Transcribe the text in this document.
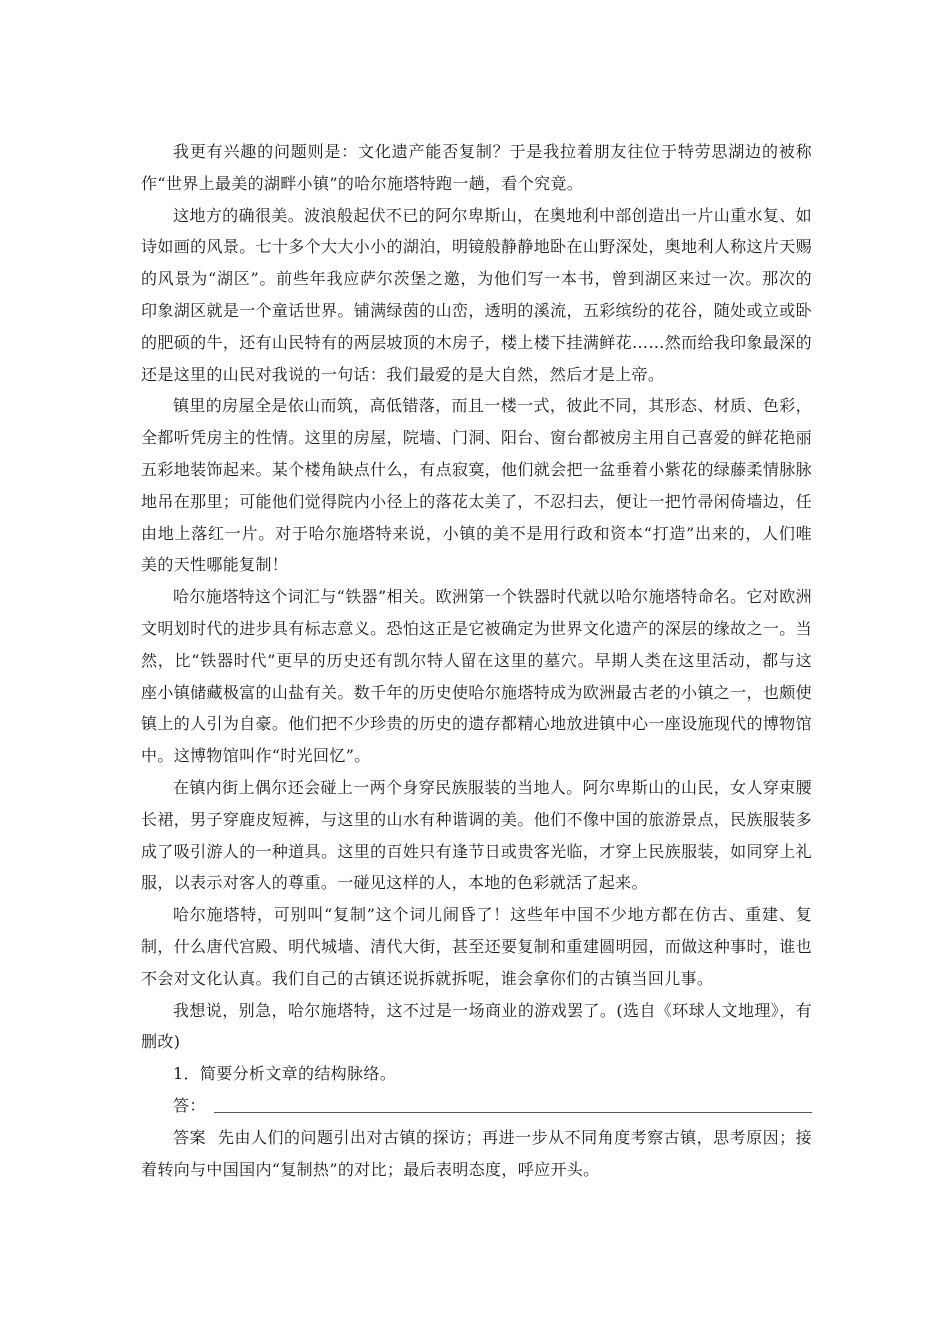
我更有兴趣的问题则是：文化遗产能否复制？于是我拉着朋友往位于特劳思湖边的被称作“世界上最美的湖畔小镇”的哈尔施塔特跑一趟，看个究竟。

这地方的确很美。波浪般起伏不已的阿尔卑斯山，在奥地利中部创造出一片山重水复、如诗如画的风景。七十多个大大小小的湖泊，明镜般静静地卧在山野深处，奥地利人称这片天赐的风景为“湖区”。前些年我应萨尔茨堡之邀，为他们写一本书，曾到湖区来过一次。那次的印象湖区就是一个童话世界。铺满绿茵的山峦，透明的溪流，五彩缤纷的花谷，随处或立或卧的肥硕的牛，还有山民特有的两层坡顶的木房子，楼上楼下挂满鲜花……然而给我印象最深的还是这里的山民对我说的一句话：我们最爱的是大自然，然后才是上帝。

镇里的房屋全是依山而筑，高低错落，而且一楼一式，彼此不同，其形态、材质、色彩，全都听凭房主的性情。这里的房屋，院墙、门洞、阳台、窗台都被房主用自己喜爱的鲜花艳丽五彩地装饰起来。某个楼角缺点什么，有点寂寞，他们就会把一盆垂着小紫花的绿藤柔情脉脉地吊在那里；可能他们觉得院内小径上的落花太美了，不忍扫去，便让一把竹帚闲倚墙边，任由地上落红一片。对于哈尔施塔特来说，小镇的美不是用行政和资本“打造”出来的，人们唯美的天性哪能复制！

哈尔施塔特这个词汇与“铁器”相关。欧洲第一个铁器时代就以哈尔施塔特命名。它对欧洲文明划时代的进步具有标志意义。恐怕这正是它被确定为世界文化遗产的深层的缘故之一。当然，比“铁器时代”更早的历史还有凯尔特人留在这里的墓穴。早期人类在这里活动，都与这座小镇储藏极富的山盐有关。数千年的历史使哈尔施塔特成为欧洲最古老的小镇之一，也颇使镇上的人引为自豪。他们把不少珍贵的历史的遗存都精心地放进镇中心一座设施现代的博物馆中。这博物馆叫作“时光回忆”。

在镇内街上偶尔还会碰上一两个身穿民族服装的当地人。阿尔卑斯山的山民，女人穿束腰长裙，男子穿鹿皮短裤，与这里的山水有种谐调的美。他们不像中国的旅游景点，民族服装多成了吸引游人的一种道具。这里的百姓只有逢节日或贵客光临，才穿上民族服装，如同穿上礼服，以表示对客人的尊重。一碰见这样的人，本地的色彩就活了起来。

哈尔施塔特，可别叫“复制”这个词儿闹昏了！这些年中国不少地方都在仿古、重建、复制，什么唐代宫殿、明代城墙、清代大街，甚至还要复制和重建圆明园，而做这种事时，谁也不会对文化认真。我们自己的古镇还说拆就拆呢，谁会拿你们的古镇当回儿事。

我想说，别急，哈尔施塔特，这不过是一场商业的游戏罢了。(选自《环球人文地理》，有删改)

1．简要分析文章的结构脉络。

答：

答案 先由人们的问题引出对古镇的探访；再进一步从不同角度考察古镇，思考原因；接着转向与中国国内“复制热”的对比；最后表明态度，呼应开头。
